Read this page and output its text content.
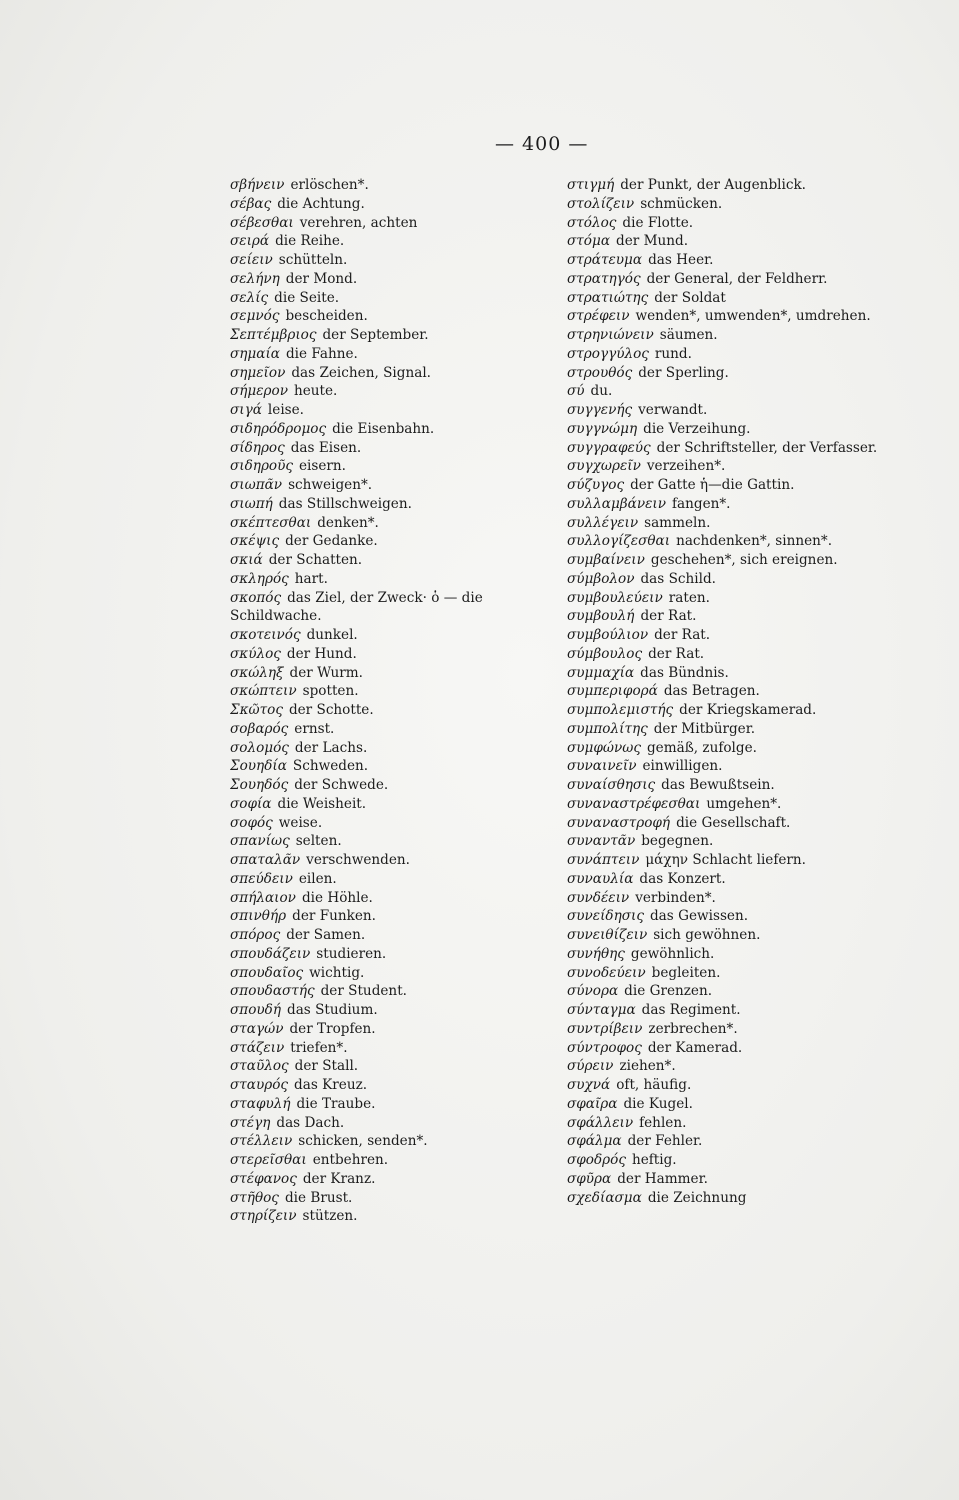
— 400 —
σβήνειν erlöschen*.
σέβας die Achtung.
σέβεσθαι verehren, achten
σειρά die Reihe.
σείειν schütteln.
σελήνη der Mond.
σελίς die Seite.
σεμνός bescheiden.
Σεπτέμβριος der September.
σημαία die Fahne.
σημεῖον das Zeichen, Signal.
σήμερον heute.
σιγά leise.
σιδηρόδρομος die Eisenbahn.
σίδηρος das Eisen.
σιδηροῦς eisern.
σιωπᾶν schweigen*.
σιωπή das Stillschweigen.
σκέπτεσθαι denken*.
σκέψις der Gedanke.
σκιά der Schatten.
σκληρός hart.
σκοπός das Ziel, der Zweck· ὁ — die Schildwache.
σκοτεινός dunkel.
σκύλος der Hund.
σκώληξ der Wurm.
σκώπτειν spotten.
Σκῶτος der Schotte.
σοβαρός ernst.
σολομός der Lachs.
Σουηδία Schweden.
Σουηδός der Schwede.
σοφία die Weisheit.
σοφός weise.
σπανίως selten.
σπαταλᾶν verschwenden.
σπεύδειν eilen.
σπήλαιον die Höhle.
σπινθήρ der Funken.
σπόρος der Samen.
σπουδάζειν studieren.
σπουδαῖος wichtig.
σπουδαστής der Student.
σπουδή das Studium.
σταγών der Tropfen.
στάζειν triefen*.
σταῦλος der Stall.
σταυρός das Kreuz.
σταφυλή die Traube.
στέγη das Dach.
στέλλειν schicken, senden*.
στερεῖσθαι entbehren.
στέφανος der Kranz.
στῆθος die Brust.
στηρίζειν stützen.
στιγμή der Punkt, der Augenblick.
στολίζειν schmücken.
στόλος die Flotte.
στόμα der Mund.
στράτευμα das Heer.
στρατηγός der General, der Feldherr.
στρατιώτης der Soldat
στρέφειν wenden*, umwenden*, umdrehen.
στρηνιώνειν säumen.
στρογγύλος rund.
στρουθός der Sperling.
σύ du.
συγγενής verwandt.
συγγνώμη die Verzeihung.
συγγραφεύς der Schriftsteller, der Verfasser.
συγχωρεῖν verzeihen*.
σύζυγος der Gatte ἡ—die Gattin.
συλλαμβάνειν fangen*.
συλλέγειν sammeln.
συλλογίζεσθαι nachdenken*, sinnen*.
συμβαίνειν geschehen*, sich ereignen.
σύμβολον das Schild.
συμβουλεύειν raten.
συμβουλή der Rat.
συμβούλιον der Rat.
σύμβουλος der Rat.
συμμαχία das Bündnis.
συμπεριφορά das Betragen.
συμπολεμιστής der Kriegskamerad.
συμπολίτης der Mitbürger.
συμφώνως gemäß, zufolge.
συναινεῖν einwilligen.
συναίσθησις das Bewußtsein.
συναναστρέφεσθαι umgehen*.
συναναστροφή die Gesellschaft.
συναντᾶν begegnen.
συνάπτειν μάχην Schlacht liefern.
συναυλία das Konzert.
συνδέειν verbinden*.
συνείδησις das Gewissen.
συνειθίζειν sich gewöhnen.
συνήθης gewöhnlich.
συνοδεύειν begleiten.
σύνορα die Grenzen.
σύνταγμα das Regiment.
συντρίβειν zerbrechen*.
σύντροφος der Kamerad.
σύρειν ziehen*.
συχνά oft, häufig.
σφαῖρα die Kugel.
σφάλλειν fehlen.
σφάλμα der Fehler.
σφοδρός heftig.
σφῦρα der Hammer.
σχεδίασμα die Zeichnung
